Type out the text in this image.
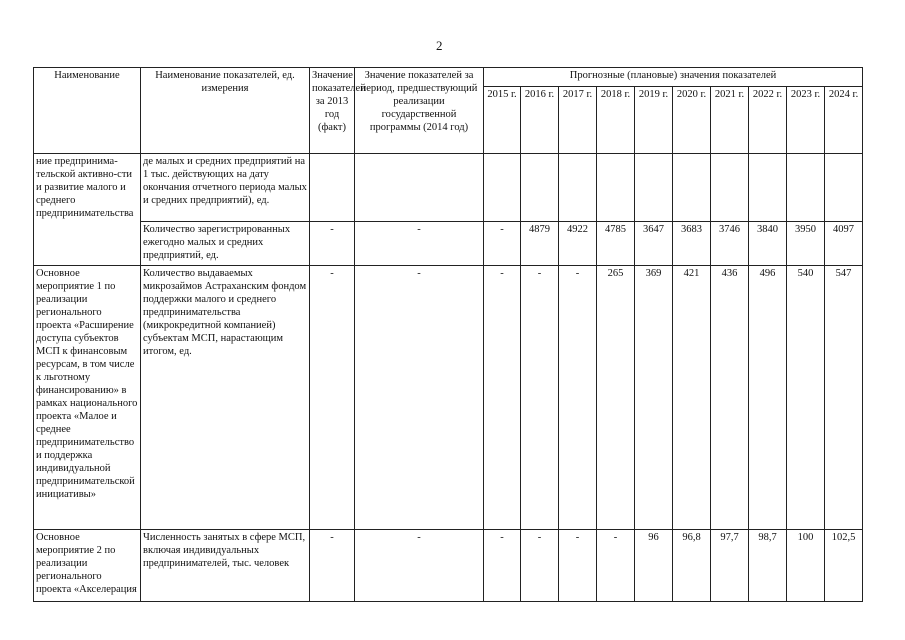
2
Наименование	Наименование показателей, ед. измерения	Значение показателей за 2013 год (факт)	Значение показателей за период, предшествующий реализации государственной программы (2014 год)	Прогнозные (плановые) значения показателей									
				2015 г.	2016 г.	2017 г.	2018 г.	2019 г.	2020 г.	2021 г.	2022 г.	2023 г.	2024 г.
ние предпринима-тельской активно-сти и развитие малого и среднего предпринимательства	де малых и средних предприятий на 1 тыс. действующих на дату окончания отчетного периода малых и средних предприятий), ед.												
	Количество зарегистрированных ежегодно малых и средних предприятий, ед.	-	-	-	4879	4922	4785	3647	3683	3746	3840	3950	4097
Основное мероприятие 1 по реализации регионального проекта «Расширение доступа субъектов МСП к финансовым ресурсам, в том числе к льготному финансированию» в рамках национального проекта «Малое и среднее предпринимательство и поддержка индивидуальной предпринимательской инициативы»	Количество выдаваемых микрозаймов Астраханским фондом поддержки малого и среднего предпринимательства (микрокредитной компанией) субъектам МСП, нарастающим итогом, ед.	-	-	-	-	-	265	369	421	436	496	540	547
Основное мероприятие 2 по реализации регионального проекта «Акселерация	Численность занятых в сфере МСП, включая индивидуальных предпринимателей, тыс. человек	-	-	-	-	-	-	96	96,8	97,7	98,7	100	102,5
